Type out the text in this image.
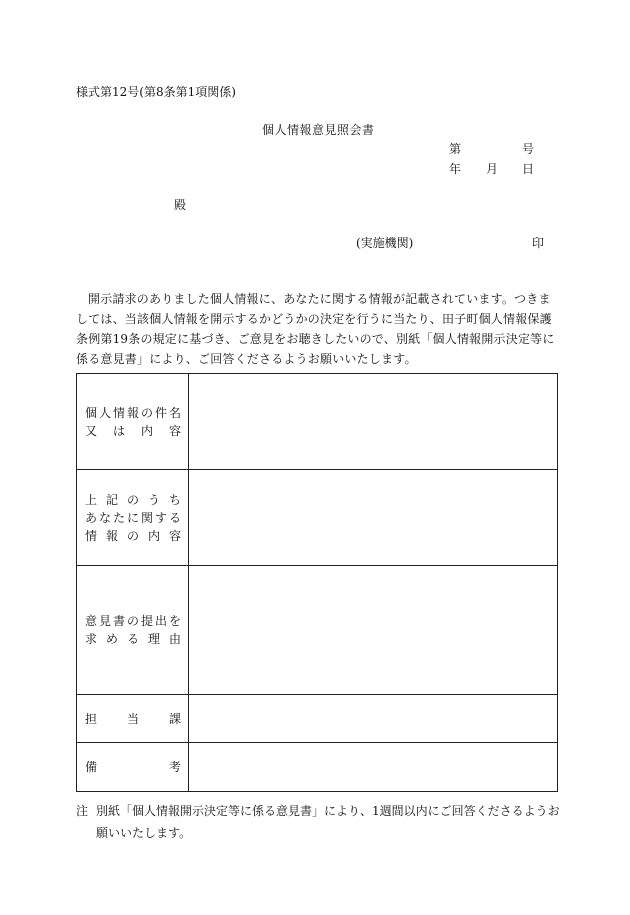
様式第12号(第8条第1項関係)
個人情報意見照会書
第	号
年 月 日
殿
(実施機関)	印
開示請求のありました個人情報に、あなたに関する情報が記載されています。つきましては、当該個人情報を開示するかどうかの決定を行うに当たり、田子町個人情報保護条例第19条の規定に基づき、ご意見をお聴きしたいので、別紙「個人情報開示決定等に係る意見書」により、ご回答くださるようお願いいたします。
個人情報の件名
又 は 内 容	

上 記 の う ち
あなたに関する
情 報 の 内 容	

意見書の提出を
求 め る 理 由	

担 当 課	

備 考	

注 別紙「個人情報開示決定等に係る意見書」により、1週間以内にご回答くださるようお願いいたします。
